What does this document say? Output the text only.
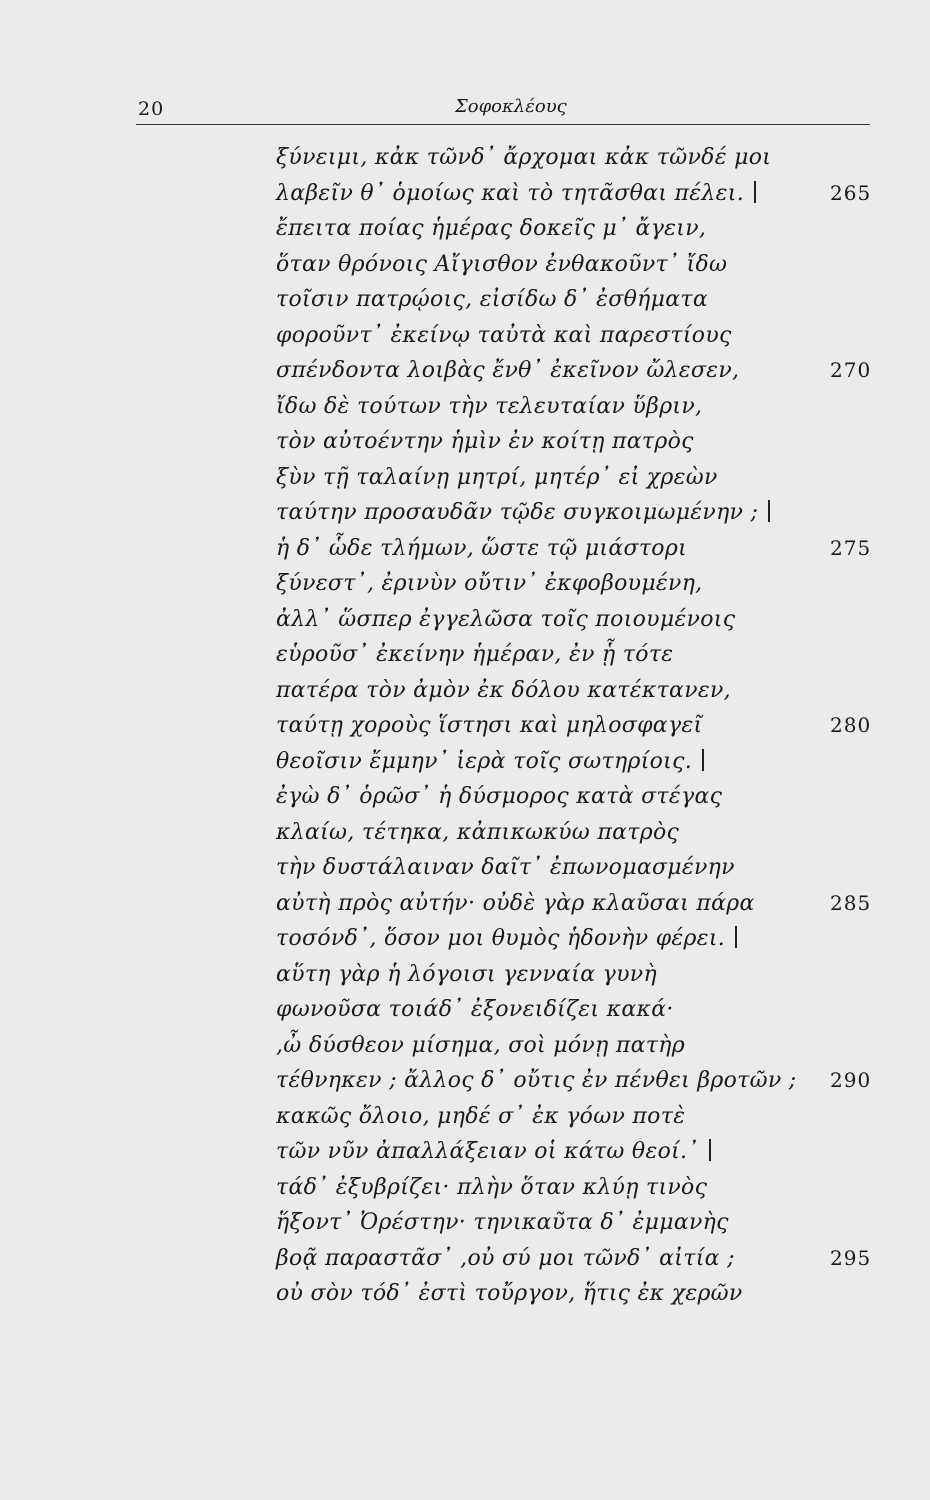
20	Σοφοκλέους
ξύνειμι, κἀκ τῶνδ᾽ ἄρχομαι κἀκ τῶνδέ μοι
λαβεῖν θ᾽ ὁμοίως καὶ τὸ τητᾶσθαι πέλει.	265
ἔπειτα ποίας ἡμέρας δοκεῖς μ᾽ ἄγειν,
ὅταν θρόνοις Αἴγισθον ἐνθακοῦντ᾽ ἴδω
τοῖσιν πατρῴοις, εἰσίδω δ᾽ ἐσθήματα
φοροῦντ᾽ ἐκείνῳ ταὐτὰ καὶ παρεστίους
σπένδοντα λοιβὰς ἔνθ᾽ ἐκεῖνον ὤλεσεν,	270
ἴδω δὲ τούτων τὴν τελευταίαν ὕβριν,
τὸν αὐτοέντην ἡμὶν ἐν κοίτῃ πατρὸς
ξὺν τῇ ταλαίνῃ μητρί, μητέρ᾽ εἰ χρεὼν
ταύτην προσαυδᾶν τῷδε συγκοιμωμένην ;
ἡ δ᾽ ὧδε τλήμων, ὥστε τῷ μιάστορι	275
ξύνεστ᾽, ἐρινὺν οὔτιν᾽ ἐκφοβουμένη,
ἀλλ᾽ ὥσπερ ἐγγελῶσα τοῖς ποιουμένοις
εὑροῦσ᾽ ἐκείνην ἡμέραν, ἐν ᾗ τότε
πατέρα τὸν ἀμὸν ἐκ δόλου κατέκτανεν,
ταύτῃ χοροὺς ἵστησι καὶ μηλοσφαγεῖ	280
θεοῖσιν ἔμμην᾽ ἱερὰ τοῖς σωτηρίοις.
ἐγὼ δ᾽ ὁρῶσ᾽ ἡ δύσμορος κατὰ στέγας
κλαίω, τέτηκα, κἀπικωκύω πατρὸς
τὴν δυστάλαιναν δαῖτ᾽ ἐπωνομασμένην
αὐτὴ πρὸς αὐτήν· οὐδὲ γὰρ κλαῦσαι πάρα	285
τοσόνδ᾽, ὅσον μοι θυμὸς ἡδονὴν φέρει.
αὕτη γὰρ ἡ λόγοισι γενναία γυνὴ
φωνοῦσα τοιάδ᾽ ἐξονειδίζει κακά·
,ὦ δύσθεον μίσημα, σοὶ μόνῃ πατὴρ
τέθνηκεν ; ἄλλος δ᾽ οὔτις ἐν πένθει βροτῶν ; 290
κακῶς ὄλοιο, μηδέ σ᾽ ἐκ γόων ποτὲ
τῶν νῦν ἀπαλλάξειαν οἱ κάτω θεοί.᾽
τάδ᾽ ἐξυβρίζει· πλὴν ὅταν κλύῃ τινὸς
ἥξοντ᾽ Ὀρέστην· τηνικαῦτα δ᾽ ἐμμανὴς
βοᾷ παραστᾶσ᾽ ,οὐ σύ μοι τῶνδ᾽ αἰτία ;	295
οὐ σὸν τόδ᾽ ἐστὶ τοὔργον, ἥτις ἐκ χερῶν
